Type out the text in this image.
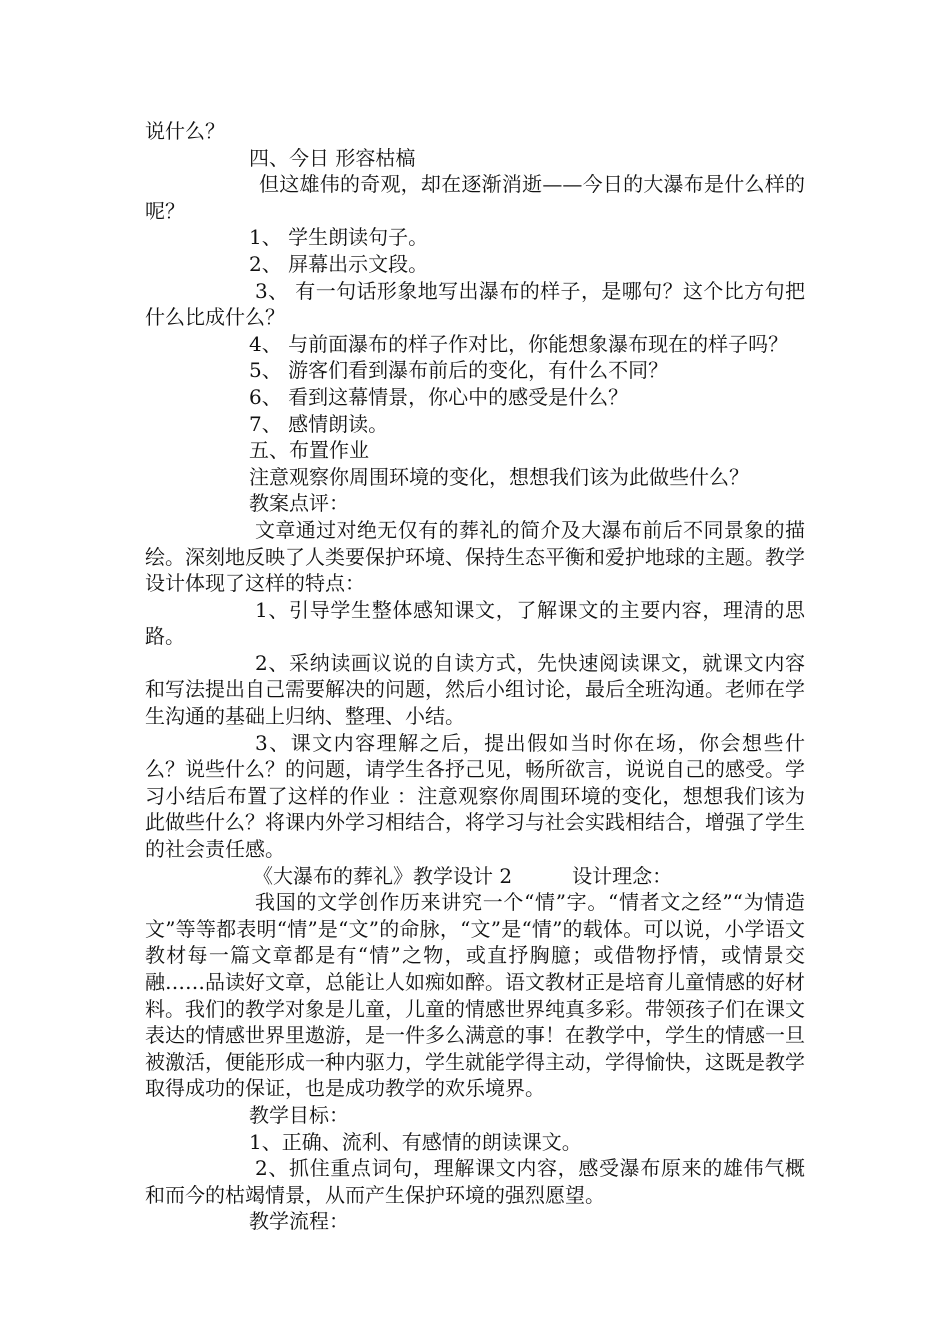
说什么？

四、今日 形容枯槁

但这雄伟的奇观，却在逐渐消逝——今日的大瀑布是什么样的呢？

1、 学生朗读句子。

2、 屏幕出示文段。

3、 有一句话形象地写出瀑布的样子，是哪句？这个比方句把什么比成什么？

4、 与前面瀑布的样子作对比，你能想象瀑布现在的样子吗？

5、 游客们看到瀑布前后的变化，有什么不同？

6、 看到这幕情景，你心中的感受是什么？

7、 感情朗读。

五、布置作业

注意观察你周围环境的变化，想想我们该为此做些什么？

教案点评：

文章通过对绝无仅有的葬礼的简介及大瀑布前后不同景象的描绘。深刻地反映了人类要保护环境、保持生态平衡和爱护地球的主题。教学设计体现了这样的特点：

1、引导学生整体感知课文，了解课文的主要内容，理清的思路。

2、采纳读画议说的自读方式，先快速阅读课文，就课文内容和写法提出自己需要解决的问题，然后小组讨论，最后全班沟通。老师在学生沟通的基础上归纳、整理、小结。

3、课文内容理解之后，提出假如当时你在场，你会想些什么？说些什么？的问题，请学生各抒己见，畅所欲言，说说自己的感受。学习小结后布置了这样的作业 ：注意观察你周围环境的变化，想想我们该为此做些什么？将课内外学习相结合，将学习与社会实践相结合，增强了学生的社会责任感。

《大瀑布的葬礼》教学设计 2　　　设计理念：

我国的文学创作历来讲究一个“情”字。“情者文之经”“为情造文”等等都表明“情”是“文”的命脉，“文”是“情”的载体。可以说，小学语文教材每一篇文章都是有“情”之物，或直抒胸臆；或借物抒情，或情景交融……品读好文章，总能让人如痴如醉。语文教材正是培育儿童情感的好材料。我们的教学对象是儿童，儿童的情感世界纯真多彩。带领孩子们在课文表达的情感世界里遨游，是一件多么满意的事！在教学中，学生的情感一旦被激活，便能形成一种内驱力，学生就能学得主动，学得愉快，这既是教学取得成功的保证，也是成功教学的欢乐境界。

教学目标：

1、正确、流利、有感情的朗读课文。

2、抓住重点词句，理解课文内容，感受瀑布原来的雄伟气概和而今的枯竭情景，从而产生保护环境的强烈愿望。

教学流程：
